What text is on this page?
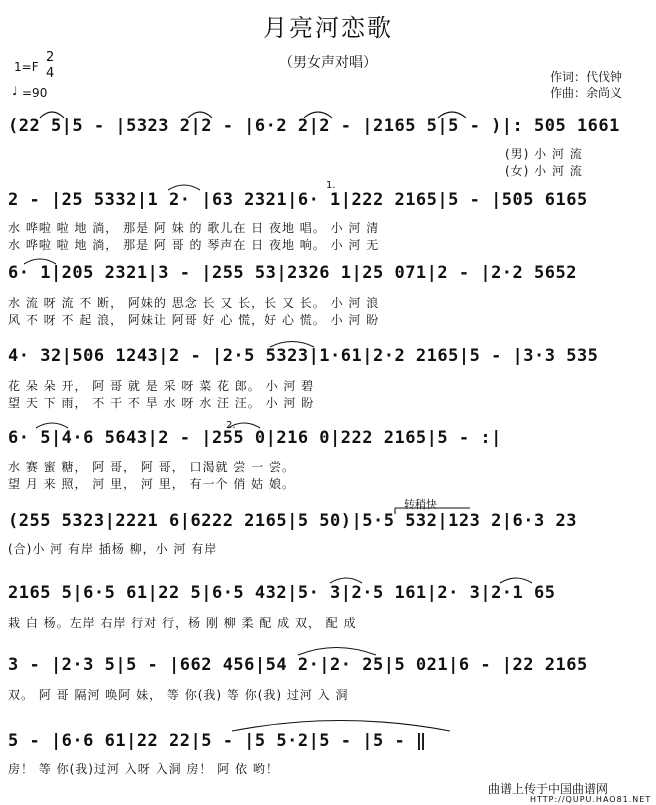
月亮河恋歌
（男女声对唱）
1=F
2
4
♩ =90
作词：代伐钟
作曲：余尚义
(22 5|5 - |5323 2|2 - |6·2 2|2 - |2165 5|5 - )|: 505 1661
(男) 小 河 流
(女) 小 河 流
2 - |25 5332|1 2· |63 2321|6· 1|222 2165|5 - |505 6165
水 哗啦 啦 地 淌， 那是 阿 妹 的 歌儿在 日 夜地 唱。 小 河 清
水 哗啦 啦 地 淌， 那是 阿 哥 的 琴声在 日 夜地 响。 小 河 无
6· 1|205 2321|3 - |255 53|2326 1|25 071|2 - |2·2 5652
水 流 呀 流 不 断， 阿妹的 思念 长 又 长，长 又 长。 小 河 浪
风 不 呀 不 起 浪， 阿妹让 阿哥 好 心 慌，好 心 慌。 小 河 盼
4· 32|506 1243|2 - |2·5 5323|1·61|2·2 2165|5 - |3·3 535
花 朵 朵 开， 阿 哥 就 是 采 呀 菜 花 郎。 小 河 碧
望 天 下 雨， 不 干 不 旱 水 呀 水 汪 汪。 小 河 盼
6· 5|4·6 5643|2 - |255 0|216 0|222 2165|5 - :|
水 赛 蜜 糖， 阿 哥， 阿 哥， 口渴就 尝 一 尝。
望 月 来 照， 河 里， 河 里， 有一个 俏 姑 娘。
转稍快
(255 5323|2221 6|6222 2165|5 50)|5·5 532|123 2|6·3 23
(合)小 河 有岸 插杨 柳，小 河 有岸
2165 5|6·5 61|22 5|6·5 432|5· 3|2·5 161|2· 3|2·1 65
栽 白 杨。左岸 右岸 行对 行，杨 刚 柳 柔 配 成 双， 配 成
3 - |2·3 5|5 - |662 456|54 2·|2· 25|5 021|6 - |22 2165
双。 阿 哥 隔河 唤阿 妹， 等 你(我) 等 你(我) 过河 入 洞
5 - |6·6 61|22 22|5 - |5 5·2|5 - |5 - ‖
房！ 等 你(我)过河 入呀 入洞 房！ 阿 依 哟！
1.
2.
曲谱上传于中国曲谱网
HTTP://QUPU.HAO81.NET
